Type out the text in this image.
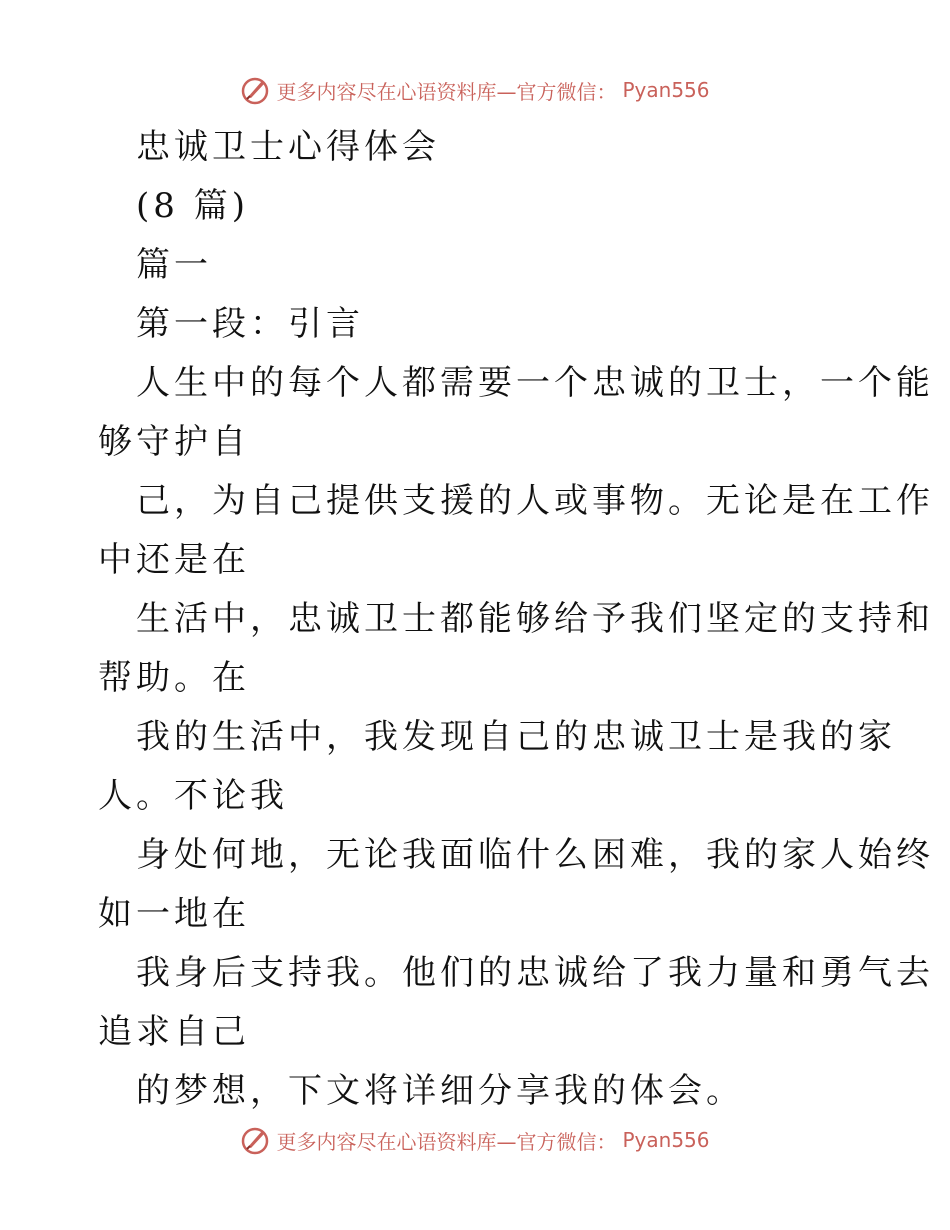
更多内容尽在心语资料库—官方微信： Pyan556
忠诚卫士心得体会
(8 篇)
篇一
第一段：引言
人生中的每个人都需要一个忠诚的卫士，一个能
够守护自
己，为自己提供支援的人或事物。无论是在工作
中还是在
生活中，忠诚卫士都能够给予我们坚定的支持和
帮助。在
我的生活中，我发现自己的忠诚卫士是我的家
人。不论我
身处何地，无论我面临什么困难，我的家人始终
如一地在
我身后支持我。他们的忠诚给了我力量和勇气去
追求自己
的梦想，下文将详细分享我的体会。
更多内容尽在心语资料库—官方微信： Pyan556
